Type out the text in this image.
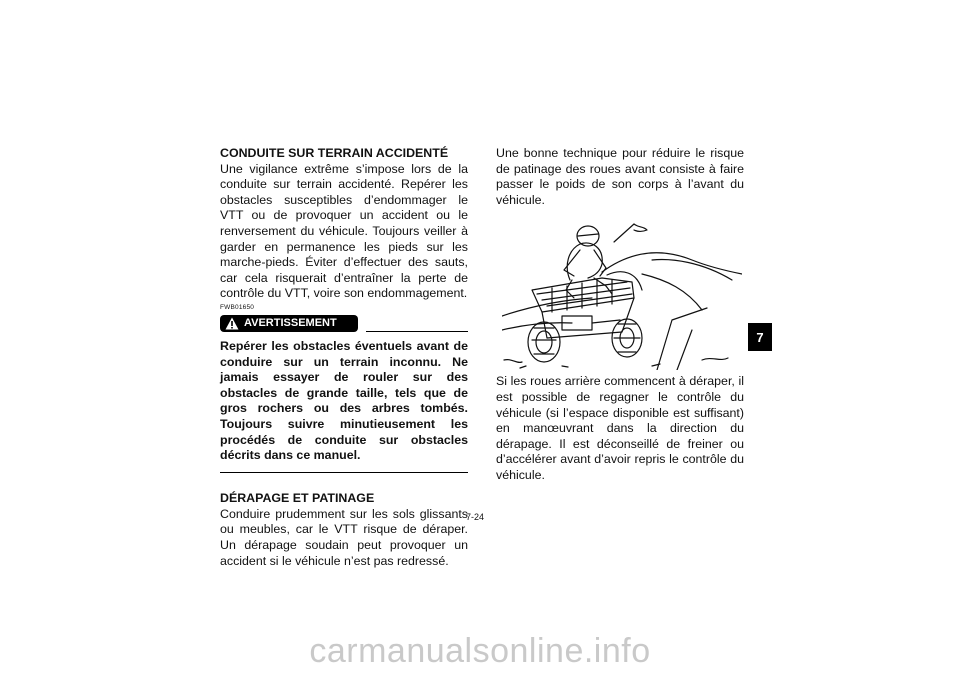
CONDUITE SUR TERRAIN ACCIDENTÉ

Une vigilance extrême s’impose lors de la conduite sur terrain accidenté. Repérer les obstacles susceptibles d’endommager le VTT ou de provoquer un accident ou le renversement du véhicule. Toujours veiller à garder en permanence les pieds sur les marche-pieds. Éviter d’effectuer des sauts, car cela risquerait d’entraîner la perte de contrôle du VTT, voire son endommagement.

FWB01650
AVERTISSEMENT

Repérer les obstacles éventuels avant de conduire sur un terrain inconnu. Ne jamais essayer de rouler sur des obstacles de grande taille, tels que de gros rochers ou des arbres tombés. Toujours suivre minutieusement les procédés de conduite sur obstacles décrits dans ce manuel.

DÉRAPAGE ET PATINAGE

Conduire prudemment sur les sols glissants ou meubles, car le VTT risque de déraper. Un dérapage soudain peut provoquer un accident si le véhicule n’est pas redressé.

Une bonne technique pour réduire le risque de patinage des roues avant consiste à faire passer le poids de son corps à l’avant du véhicule.

Si les roues arrière commencent à déraper, il est possible de regagner le contrôle du véhicule (si l’espace disponible est suffisant) en manœuvrant dans la direction du dérapage. Il est déconseillé de freiner ou d’accélérer avant d’avoir repris le contrôle du véhicule.

7
7-24
carmanualsonline.info
